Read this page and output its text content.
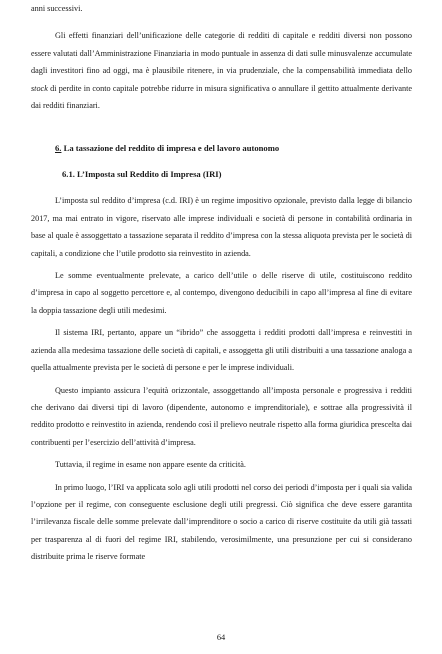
anni successivi.

Gli effetti finanziari dell’unificazione delle categorie di redditi di capitale e redditi diversi non possono essere valutati dall’Amministrazione Finanziaria in modo puntuale in assenza di dati sulle minusvalenze accumulate dagli investitori fino ad oggi, ma è plausibile ritenere, in via prudenziale, che la compensabilità immediata dello stock di perdite in conto capitale potrebbe ridurre in misura significativa o annullare il gettito attualmente derivante dai redditi finanziari.

6. La tassazione del reddito di impresa e del lavoro autonomo
6.1. L’Imposta sul Reddito di Impresa (IRI)

L’imposta sul reddito d’impresa (c.d. IRI) è un regime impositivo opzionale, previsto dalla legge di bilancio 2017, ma mai entrato in vigore, riservato alle imprese individuali e società di persone in contabilità ordinaria in base al quale è assoggettato a tassazione separata il reddito d’impresa con la stessa aliquota prevista per le società di capitali, a condizione che l’utile prodotto sia reinvestito in azienda.

Le somme eventualmente prelevate, a carico dell’utile o delle riserve di utile, costituiscono reddito d’impresa in capo al soggetto percettore e, al contempo, divengono deducibili in capo all’impresa al fine di evitare la doppia tassazione degli utili medesimi.

Il sistema IRI, pertanto, appare un “ibrido” che assoggetta i redditi prodotti dall’impresa e reinvestiti in azienda alla medesima tassazione delle società di capitali, e assoggetta gli utili distribuiti a una tassazione analoga a quella attualmente prevista per le società di persone e per le imprese individuali.

Questo impianto assicura l’equità orizzontale, assoggettando all’imposta personale e progressiva i redditi che derivano dai diversi tipi di lavoro (dipendente, autonomo e imprenditoriale), e sottrae alla progressività il reddito prodotto e reinvestito in azienda, rendendo così il prelievo neutrale rispetto alla forma giuridica prescelta dai contribuenti per l’esercizio dell’attività d’impresa.

Tuttavia, il regime in esame non appare esente da criticità.

In primo luogo, l’IRI va applicata solo agli utili prodotti nel corso dei periodi d’imposta per i quali sia valida l’opzione per il regime, con conseguente esclusione degli utili pregressi. Ciò significa che deve essere garantita l’irrilevanza fiscale delle somme prelevate dall’imprenditore o socio a carico di riserve costituite da utili già tassati per trasparenza al di fuori del regime IRI, stabilendo, verosimilmente, una presunzione per cui si considerano distribuite prima le riserve formate

64
